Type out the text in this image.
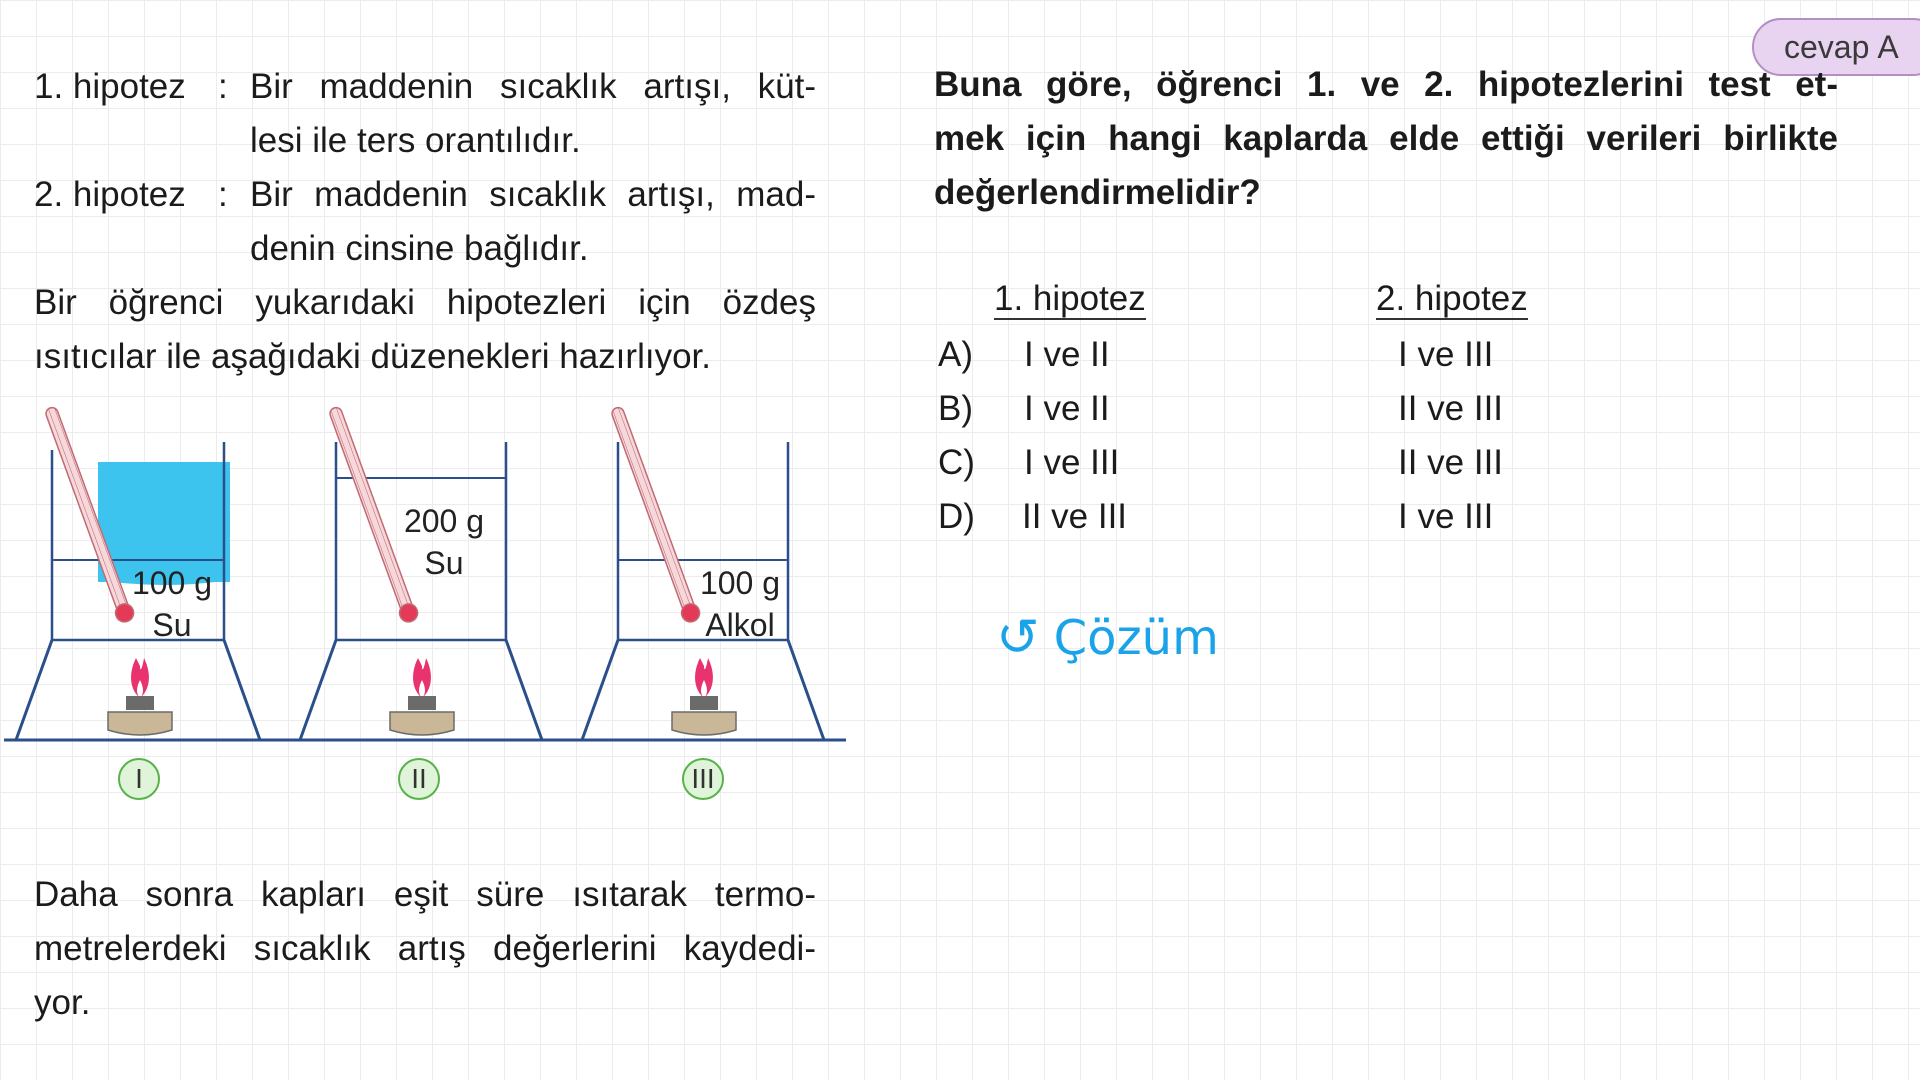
cevap A
1. hipotez : Bir maddenin sıcaklık artışı, küt-
lesi ile ters orantılıdır.
2. hipotez : Bir maddenin sıcaklık artışı, mad-
denin cinsine bağlıdır.
Bir öğrenci yukarıdaki hipotezleri için özdeş
ısıtıcılar ile aşağıdaki düzenekleri hazırlıyor.
100 g
Su
200 g
Su
100 g
Alkol
I	II	III
Daha sonra kapları eşit süre ısıtarak termo-
metrelerdeki sıcaklık artış değerlerini kaydedi-
yor.
Buna göre, öğrenci 1. ve 2. hipotezlerini test et-
mek için hangi kaplarda elde ettiği verileri birlikte
değerlendirmelidir?
1. hipotez	2. hipotez
A) I ve II	I ve III
B) I ve II	II ve III
C) I ve III	II ve III
D) II ve III	I ve III
↺ Çözüm
